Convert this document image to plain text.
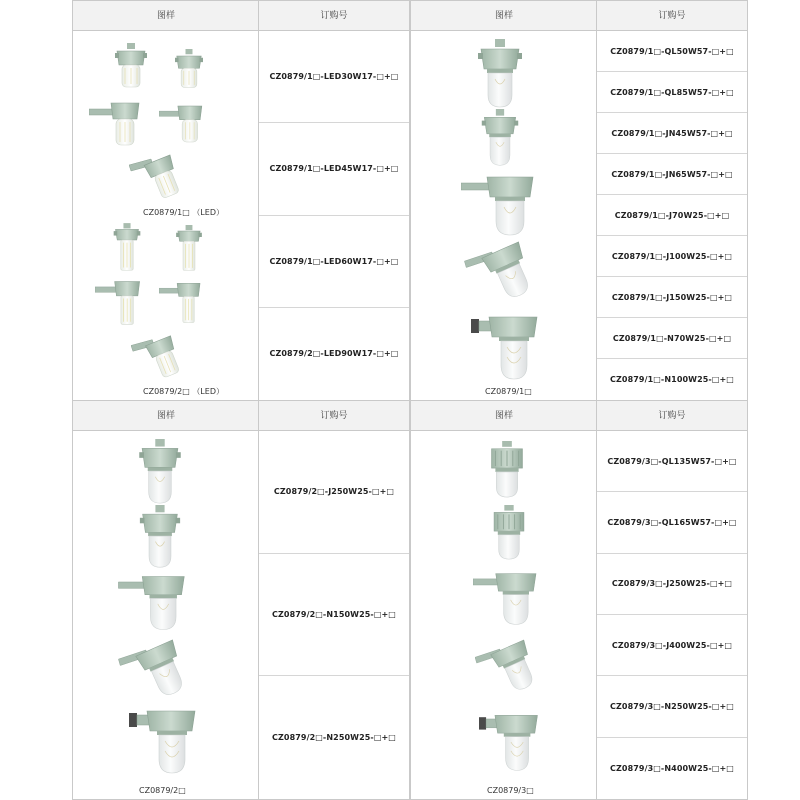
图样	订购号
CZ0879/1□-LED30W17-□+□
CZ0879/1□-LED45W17-□+□
CZ0879/1□-LED60W17-□+□
CZ0879/2□-LED90W17-□+□
CZ0879/1□ （LED）
CZ0879/2□ （LED）
图样	订购号
CZ0879/1□-QL50W57-□+□
CZ0879/1□-QL85W57-□+□
CZ0879/1□-JN45W57-□+□
CZ0879/1□-JN65W57-□+□
CZ0879/1□-J70W25-□+□
CZ0879/1□-J100W25-□+□
CZ0879/1□-J150W25-□+□
CZ0879/1□-N70W25-□+□
CZ0879/1□-N100W25-□+□
CZ0879/1□
图样	订购号
CZ0879/2□-J250W25-□+□
CZ0879/2□-N150W25-□+□
CZ0879/2□-N250W25-□+□
CZ0879/2□
图样	订购号
CZ0879/3□-QL135W57-□+□
CZ0879/3□-QL165W57-□+□
CZ0879/3□-J250W25-□+□
CZ0879/3□-J400W25-□+□
CZ0879/3□-N250W25-□+□
CZ0879/3□-N400W25-□+□
CZ0879/3□
